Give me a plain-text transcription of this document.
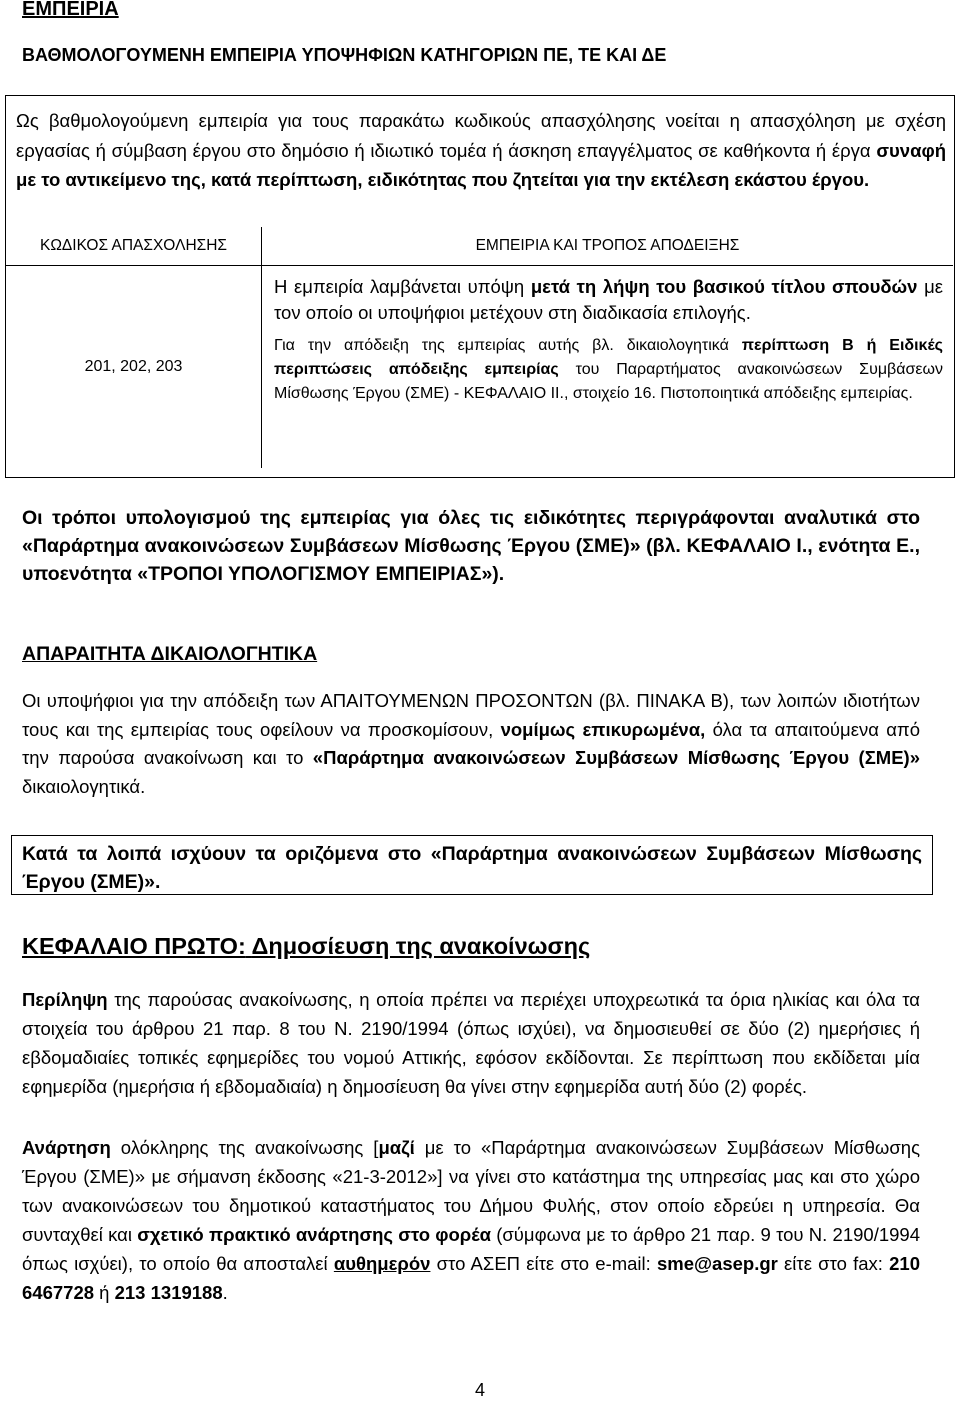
ΕΜΠΕΙΡΙΑ
ΒΑΘΜΟΛΟΓΟΥΜΕΝΗ ΕΜΠΕΙΡΙΑ ΥΠΟΨΗΦΙΩΝ ΚΑΤΗΓΟΡΙΩΝ ΠΕ, ΤΕ ΚΑΙ ΔΕ

Ως βαθμολογούμενη εμπειρία για τους παρακάτω κωδικούς απασχόλησης νοείται η απασχόληση με σχέση εργασίας ή σύμβαση έργου στο δημόσιο ή ιδιωτικό τομέα ή άσκηση επαγγέλματος σε καθήκοντα ή έργα συναφή με το αντικείμενο της, κατά περίπτωση, ειδικότητας που ζητείται για την εκτέλεση εκάστου έργου.

ΚΩΔΙΚΟΣ ΑΠΑΣΧΟΛΗΣΗΣ	ΕΜΠΕΙΡΙΑ ΚΑΙ ΤΡΟΠΟΣ ΑΠΟΔΕΙΞΗΣ
201, 202, 203	Η εμπειρία λαμβάνεται υπόψη μετά τη λήψη του βασικού τίτλου σπουδών με τον οποίο οι υποψήφιοι μετέχουν στη διαδικασία επιλογής.

Για την απόδειξη της εμπειρίας αυτής βλ. δικαιολογητικά περίπτωση Β ή Ειδικές περιπτώσεις απόδειξης εμπειρίας του Παραρτήματος ανακοινώσεων Συμβάσεων Μίσθωσης Έργου (ΣΜΕ) - ΚΕΦΑΛΑΙΟ ΙΙ., στοιχείο 16. Πιστοποιητικά απόδειξης εμπειρίας.

Οι τρόποι υπολογισμού της εμπειρίας για όλες τις ειδικότητες περιγράφονται αναλυτικά στο «Παράρτημα ανακοινώσεων Συμβάσεων Μίσθωσης Έργου (ΣΜΕ)» (βλ. ΚΕΦΑΛΑΙΟ Ι., ενότητα Ε., υποενότητα «ΤΡΟΠΟΙ ΥΠΟΛΟΓΙΣΜΟΥ ΕΜΠΕΙΡΙΑΣ»).

ΑΠΑΡΑΙΤΗΤΑ ΔΙΚΑΙΟΛΟΓΗΤΙΚΑ

Οι υποψήφιοι για την απόδειξη των ΑΠΑΙΤΟΥΜΕΝΩΝ ΠΡΟΣΟΝΤΩΝ (βλ. ΠΙΝΑΚΑ Β), των λοιπών ιδιοτήτων τους και της εμπειρίας τους οφείλουν να προσκομίσουν, νομίμως επικυρωμένα, όλα τα απαιτούμενα από την παρούσα ανακοίνωση και το «Παράρτημα ανακοινώσεων Συμβάσεων Μίσθωσης Έργου (ΣΜΕ)» δικαιολογητικά.

Κατά τα λοιπά ισχύουν τα οριζόμενα στο «Παράρτημα ανακοινώσεων Συμβάσεων Μίσθωσης Έργου (ΣΜΕ)».

ΚΕΦΑΛΑΙΟ ΠΡΩΤΟ: Δημοσίευση της ανακοίνωσης

Περίληψη της παρούσας ανακοίνωσης, η οποία πρέπει να περιέχει υποχρεωτικά τα όρια ηλικίας και όλα τα στοιχεία του άρθρου 21 παρ. 8 του Ν. 2190/1994 (όπως ισχύει), να δημοσιευθεί σε δύο (2) ημερήσιες ή εβδομαδιαίες τοπικές εφημερίδες του νομού Αττικής, εφόσον εκδίδονται. Σε περίπτωση που εκδίδεται μία εφημερίδα (ημερήσια ή εβδομαδιαία) η δημοσίευση θα γίνει στην εφημερίδα αυτή δύο (2) φορές.

Ανάρτηση ολόκληρης της ανακοίνωσης [μαζί με το «Παράρτημα ανακοινώσεων Συμβάσεων Μίσθωσης Έργου (ΣΜΕ)» με σήμανση έκδοσης «21-3-2012»] να γίνει στο κατάστημα της υπηρεσίας μας και στο χώρο των ανακοινώσεων του δημοτικού καταστήματος του Δήμου Φυλής, στον οποίο εδρεύει η υπηρεσία. Θα συνταχθεί και σχετικό πρακτικό ανάρτησης στο φορέα (σύμφωνα με το άρθρο 21 παρ. 9 του Ν. 2190/1994 όπως ισχύει), το οποίο θα αποσταλεί αυθημερόν στο ΑΣΕΠ είτε στο e-mail: sme@asep.gr είτε στο fax: 210 6467728 ή 213 1319188.

4
